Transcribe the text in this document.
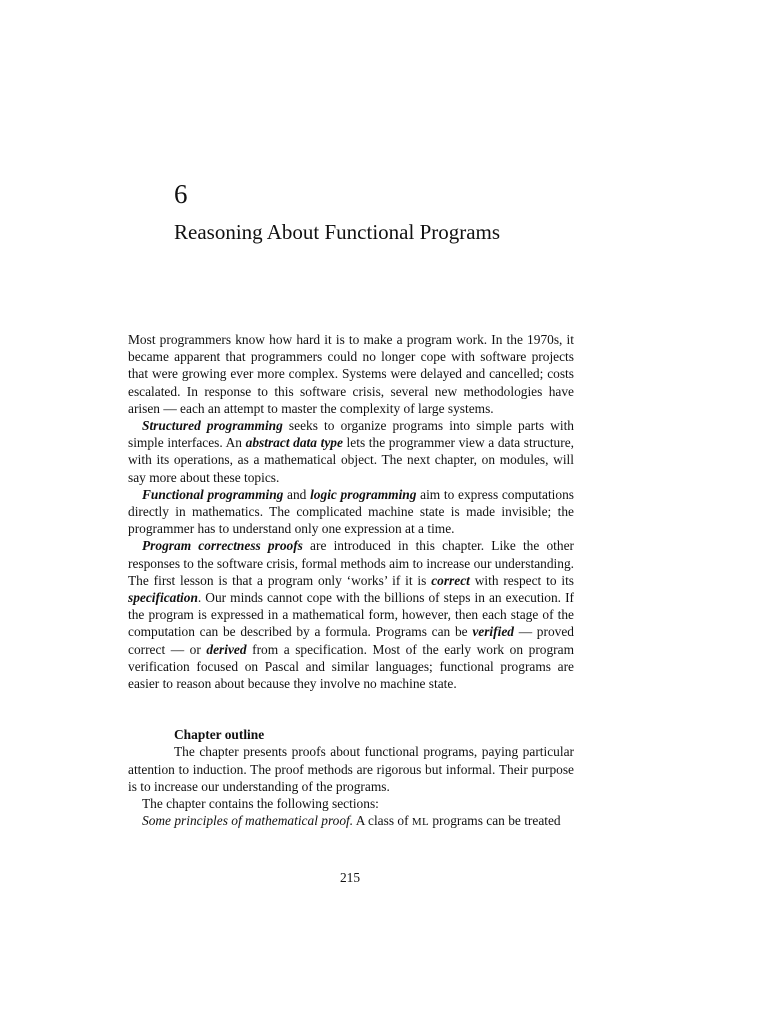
6
Reasoning About Functional Programs

Most programmers know how hard it is to make a program work. In the 1970s, it became apparent that programmers could no longer cope with software projects that were growing ever more complex. Systems were delayed and cancelled; costs escalated. In response to this software crisis, several new methodologies have arisen — each an attempt to master the complexity of large systems.

Structured programming seeks to organize programs into simple parts with simple interfaces. An abstract data type lets the programmer view a data structure, with its operations, as a mathematical object. The next chapter, on modules, will say more about these topics.

Functional programming and logic programming aim to express computations directly in mathematics. The complicated machine state is made invisible; the programmer has to understand only one expression at a time.

Program correctness proofs are introduced in this chapter. Like the other responses to the software crisis, formal methods aim to increase our understanding. The first lesson is that a program only ‘works’ if it is correct with respect to its specification. Our minds cannot cope with the billions of steps in an execution. If the program is expressed in a mathematical form, however, then each stage of the computation can be described by a formula. Programs can be verified — proved correct — or derived from a specification. Most of the early work on program verification focused on Pascal and similar languages; functional programs are easier to reason about because they involve no machine state.

Chapter outline

The chapter presents proofs about functional programs, paying particular attention to induction. The proof methods are rigorous but informal. Their purpose is to increase our understanding of the programs.

The chapter contains the following sections:

Some principles of mathematical proof. A class of ML programs can be treated

215
